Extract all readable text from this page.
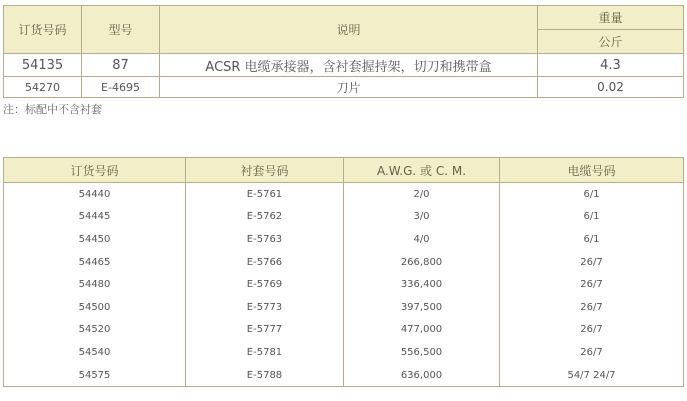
订货号码	型号	说明	重量
			公斤
54135	87	ACSR 电缆承接器，含衬套握持架，切刀和携带盒	4.3
54270	E-4695	刀片	0.02
注：标配中不含衬套
订货号码	衬套号码	A.W.G. 或 C. M.	电缆号码
54440	E-5761	2/0	6/1
54445	E-5762	3/0	6/1
54450	E-5763	4/0	6/1
54465	E-5766	266,800	26/7
54480	E-5769	336,400	26/7
54500	E-5773	397,500	26/7
54520	E-5777	477,000	26/7
54540	E-5781	556,500	26/7
54575	E-5788	636,000	54/7 24/7
